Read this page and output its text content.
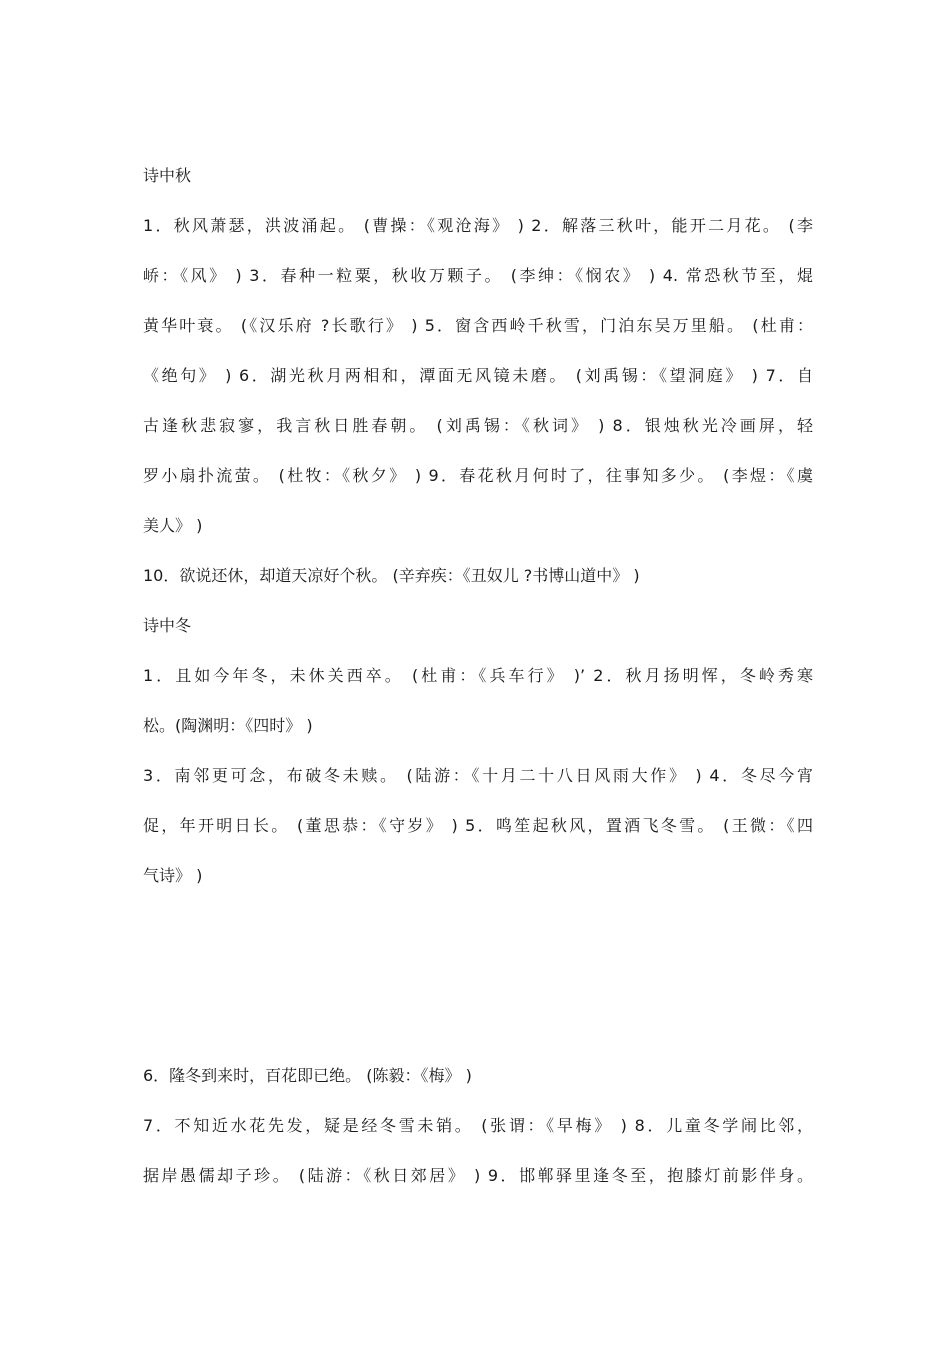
诗中秋
1．秋风萧瑟，洪波涌起。 (曹操：《观沧海》 ) 2．解落三秋叶，能开二月花。 (李
峤：《风》 ) 3．春种一粒粟，秋收万颗子。 (李绅：《悯农》 ) 4. 常恐秋节至，焜
黄华叶衰。 (《汉乐府 ?长歌行》 ) 5．窗含西岭千秋雪，门泊东吴万里船。 (杜甫：
《绝句》 ) 6．湖光秋月两相和，潭面无风镜未磨。 (刘禹锡：《望洞庭》 ) 7．自
古逢秋悲寂寥，我言秋日胜春朝。 (刘禹锡：《秋词》 ) 8．银烛秋光冷画屏，轻
罗小扇扑流萤。 (杜牧：《秋夕》 ) 9．春花秋月何时了，往事知多少。 (李煜：《虞
美人》 )
10．欲说还休，却道天凉好个秋。 (辛弃疾：《丑奴儿 ?书博山道中》 )
诗中冬
1．且如今年冬，未休关西卒。 (杜甫：《兵车行》 )’ 2．秋月扬明恽，冬岭秀寒
松。(陶渊明：《四时》 )
3．南邻更可念，布破冬未赎。 (陆游：《十月二十八日风雨大作》 ) 4．冬尽今宵
促，年开明日长。 (董思恭：《守岁》 ) 5．鸣笙起秋风，置酒飞冬雪。 (王微：《四
气诗》 )
6．隆冬到来时，百花即已绝。 (陈毅：《梅》 )
7．不知近水花先发，疑是经冬雪未销。 (张谓：《早梅》 ) 8．儿童冬学闹比邻，
据岸愚儒却子珍。 (陆游：《秋日郊居》 ) 9．邯郸驿里逢冬至，抱膝灯前影伴身。
